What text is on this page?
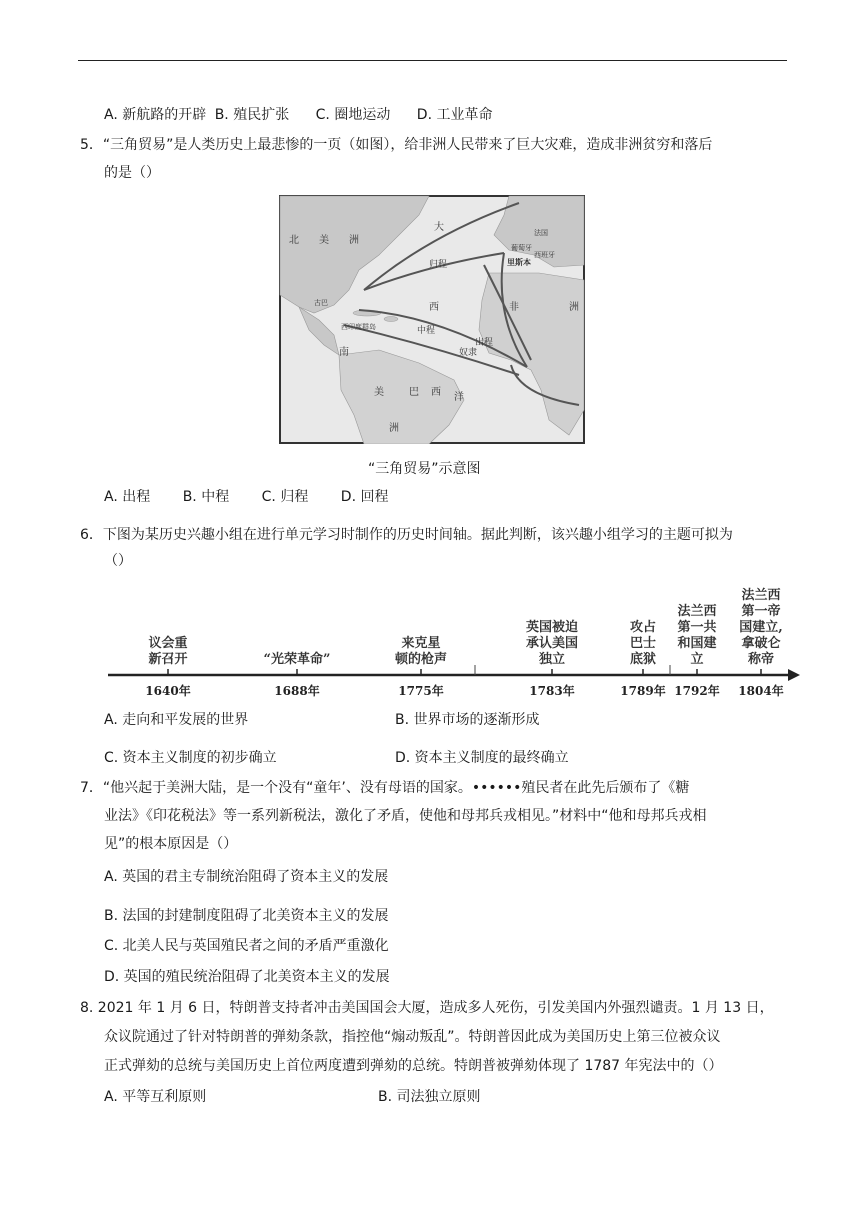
A. 新航路的开辟 B. 殖民扩张 C. 圈地运动 D. 工业革命
5．“三角贸易”是人类历史上最悲惨的一页（如图），给非洲人民带来了巨大灾难，造成非洲贫穷和落后
的是（）
北 美 洲
大
西
洋
南
美
洲
巴 西
非	洲
归程
中程
奴隶
出程
里斯本
葡萄牙
西班牙
法国
古巴
西印度群岛
“三角贸易”示意图
A. 出程 B. 中程 C. 归程 D. 回程
6．下图为某历史兴趣小组在进行单元学习时制作的历史时间轴。据此判断，该兴趣小组学习的主题可拟为
（）
1640年
议会重
新召开
1688年
“光荣革命”
1775年
来克星
顿的枪声
1783年
英国被迫
承认美国
独立
1789年
攻占
巴士
底狱
1792年
法兰西
第一共
和国建
立
1804年
法兰西
第一帝
国建立,
拿破仑
称帝
A. 走向和平发展的世界	B. 世界市场的逐渐形成
C. 资本主义制度的初步确立	D. 资本主义制度的最终确立
7．“他兴起于美洲大陆，是一个没有“童年’、没有母语的国家。••••••殖民者在此先后颁布了《糖
业法》《印花税法》等一系列新税法，激化了矛盾，使他和母邦兵戎相见。”材料中“他和母邦兵戎相
见”的根本原因是（）
A. 英国的君主专制统治阻碍了资本主义的发展
B. 法国的封建制度阻碍了北美资本主义的发展
C. 北美人民与英国殖民者之间的矛盾严重激化
D. 英国的殖民统治阻碍了北美资本主义的发展
8. 2021 年 1 月 6 日，特朗普支持者冲击美国国会大厦，造成多人死伤，引发美国内外强烈谴责。1 月 13 日，
众议院通过了针对特朗普的弹劾条款，指控他“煽动叛乱”。特朗普因此成为美国历史上第三位被众议
正式弹劾的总统与美国历史上首位两度遭到弹劾的总统。特朗普被弹劾体现了 1787 年宪法中的（）
A. 平等互利原则	B. 司法独立原则
